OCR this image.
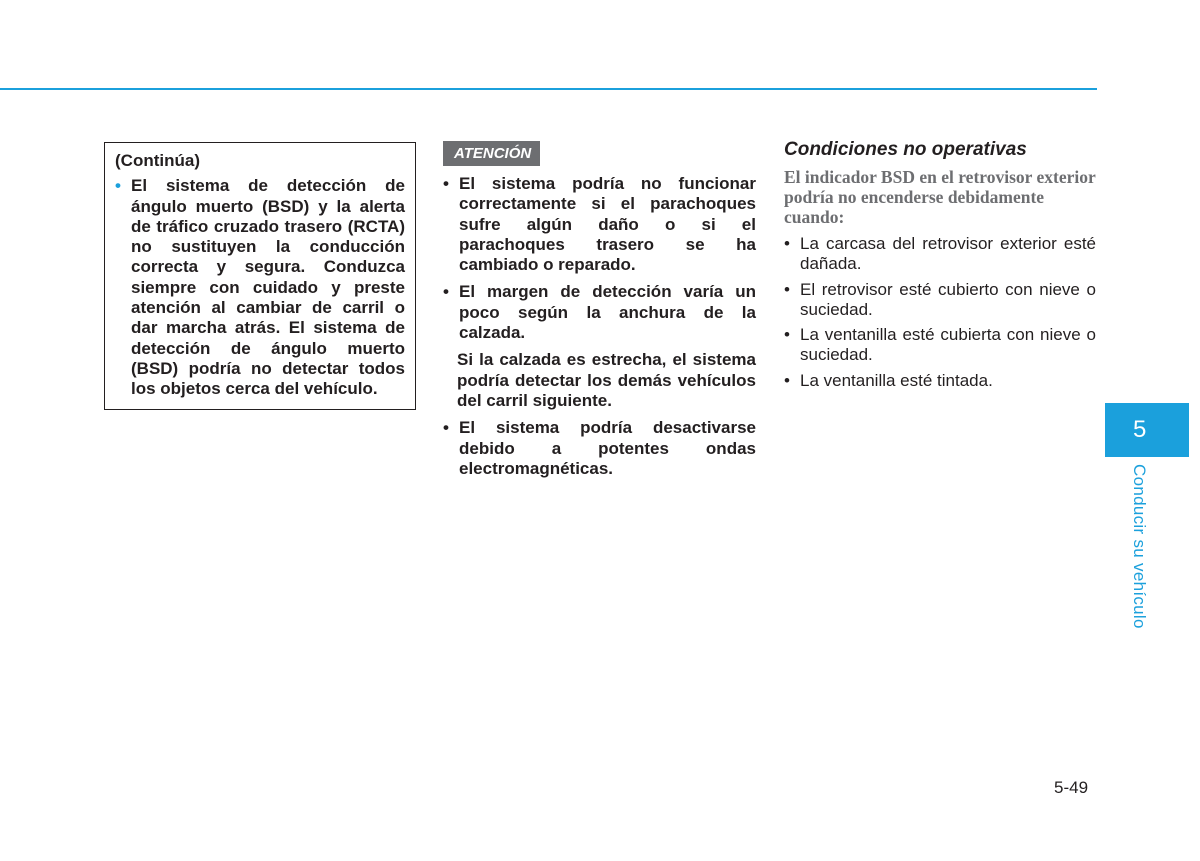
(Continúa)
• El sistema de detección de ángulo muerto (BSD) y la alerta de tráfico cruzado trasero (RCTA) no sustituyen la conducción correcta y segura. Conduzca siempre con cuidado y preste atención al cambiar de carril o dar marcha atrás. El sistema de detección de ángulo muerto (BSD) podría no detectar todos los objetos cerca del vehículo.
ATENCIÓN
• El sistema podría no funcionar correctamente si el parachoques sufre algún daño o si el parachoques trasero se ha cambiado o reparado.
• El margen de detección varía un poco según la anchura de la calzada.
Si la calzada es estrecha, el sistema podría detectar los demás vehículos del carril siguiente.
• El sistema podría desactivarse debido a potentes ondas electromagnéticas.
Condiciones no operativas
El indicador BSD en el retrovisor exterior podría no encenderse debidamente cuando:
• La carcasa del retrovisor exterior esté dañada.
• El retrovisor esté cubierto con nieve o suciedad.
• La ventanilla esté cubierta con nieve o suciedad.
• La ventanilla esté tintada.
5
Conducir su vehículo
5-49
